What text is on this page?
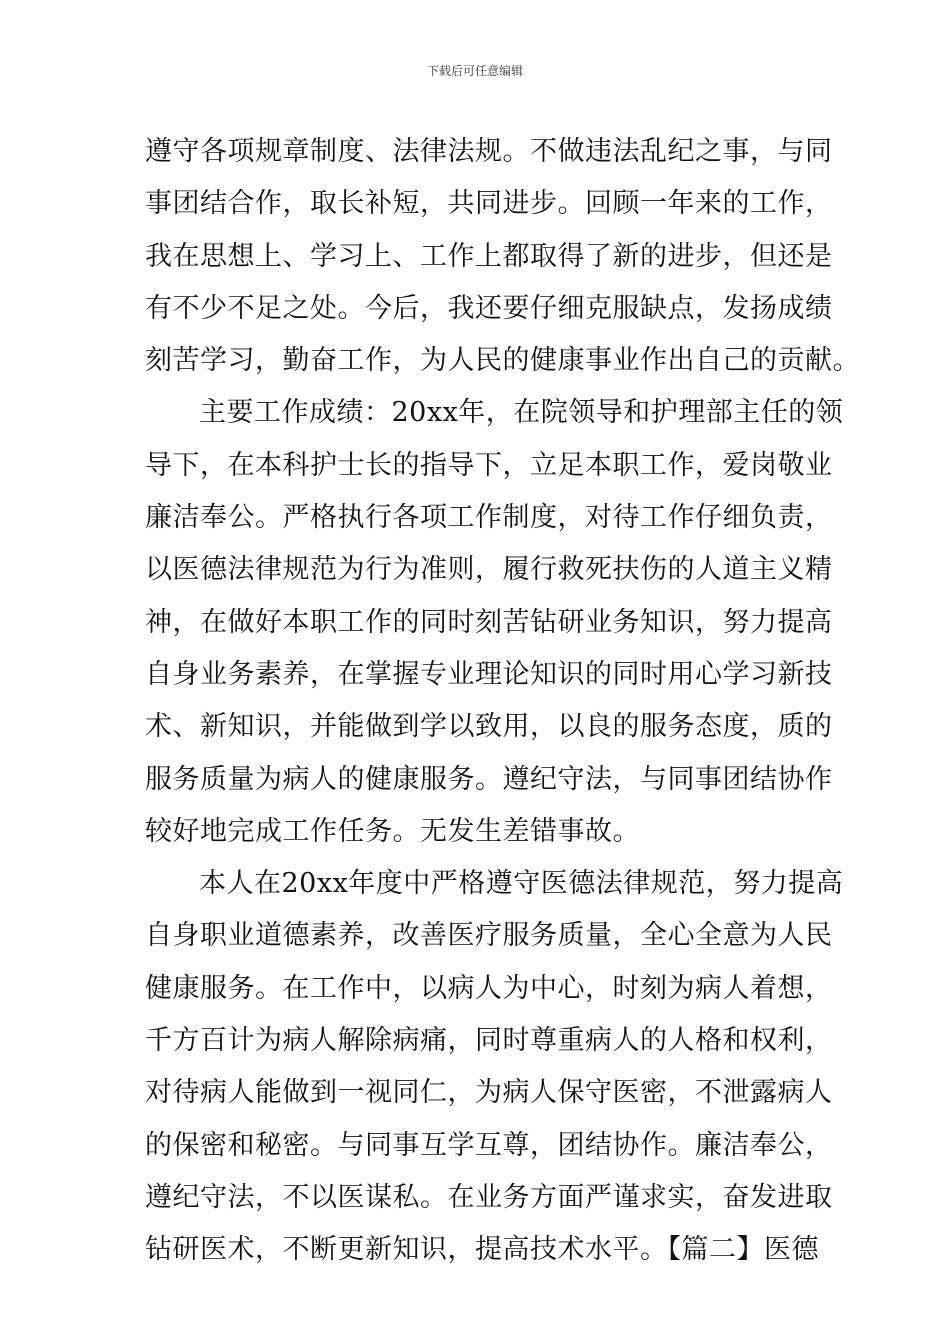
下载后可任意编辑
遵守各项规章制度、法律法规。不做违法乱纪之事，与同
事团结合作，取长补短，共同进步。回顾一年来的工作，
我在思想上、学习上、工作上都取得了新的进步，但还是
有不少不足之处。今后，我还要仔细克服缺点，发扬成绩
刻苦学习，勤奋工作，为人民的健康事业作出自己的贡献。
主要工作成绩：20xx年，在院领导和护理部主任的领
导下，在本科护士长的指导下，立足本职工作，爱岗敬业
廉洁奉公。严格执行各项工作制度，对待工作仔细负责，
以医德法律规范为行为准则，履行救死扶伤的人道主义精
神，在做好本职工作的同时刻苦钻研业务知识，努力提高
自身业务素养，在掌握专业理论知识的同时用心学习新技
术、新知识，并能做到学以致用，以良的服务态度，质的
服务质量为病人的健康服务。遵纪守法，与同事团结协作
较好地完成工作任务。无发生差错事故。
本人在20xx年度中严格遵守医德法律规范，努力提高
自身职业道德素养，改善医疗服务质量，全心全意为人民
健康服务。在工作中，以病人为中心，时刻为病人着想，
千方百计为病人解除病痛，同时尊重病人的人格和权利，
对待病人能做到一视同仁，为病人保守医密，不泄露病人
的保密和秘密。与同事互学互尊，团结协作。廉洁奉公，
遵纪守法，不以医谋私。在业务方面严谨求实，奋发进取
钻研医术，不断更新知识，提高技术水平。【篇二】医德
